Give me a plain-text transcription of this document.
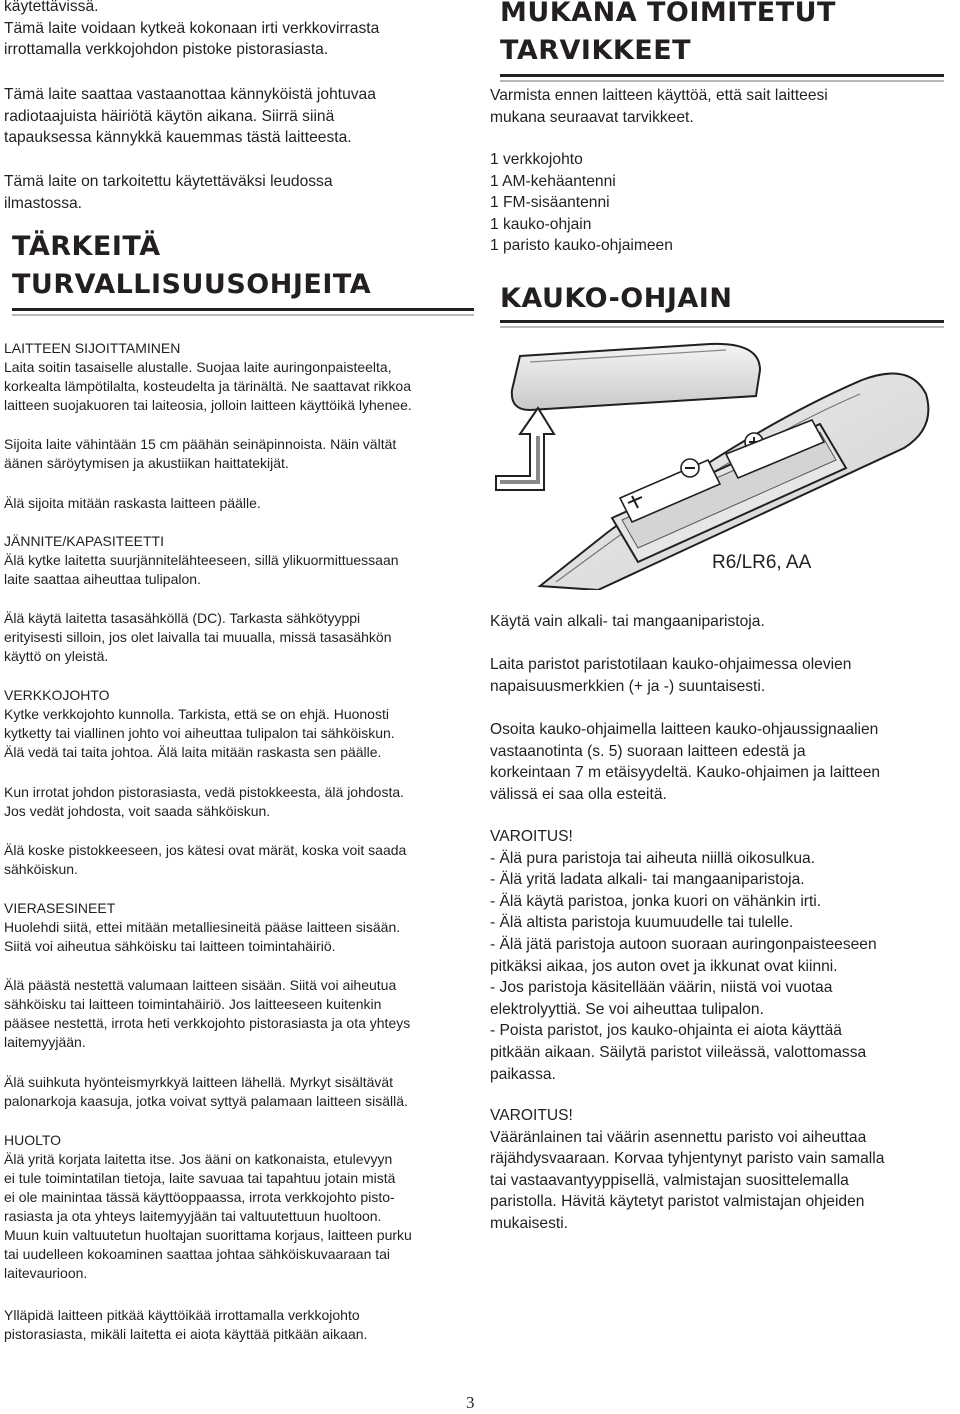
käytettävissä.
Tämä laite voidaan kytkeä kokonaan irti verkkovirrasta
irrottamalla verkkojohdon pistoke pistorasiasta.

Tämä laite saattaa vastaanottaa kännyköistä johtuvaa
radiotaajuista häiriötä käytön aikana. Siirrä siinä
tapauksessa kännykkä kauemmas tästä laitteesta.

Tämä laite on tarkoitettu käytettäväksi leudossa
ilmastossa.

TÄRKEITÄ
TURVALLISUUSOHJEITA

LAITTEEN SIJOITTAMINEN
Laita soitin tasaiselle alustalle. Suojaa laite auringonpaisteelta,
korkealta lämpötilalta, kosteudelta ja tärinältä. Ne saattavat rikkoa
laitteen suojakuoren tai laiteosia, jolloin laitteen käyttöikä lyhenee.

Sijoita laite vähintään 15 cm päähän seinäpinnoista. Näin vältät
äänen säröytymisen ja akustiikan haittatekijät.

Älä sijoita mitään raskasta laitteen päälle.

JÄNNITE/KAPASITEETTI
Älä kytke laitetta suurjännitelähteeseen, sillä ylikuormittuessaan
laite saattaa aiheuttaa tulipalon.

Älä käytä laitetta tasasähköllä (DC). Tarkasta sähkötyyppi
erityisesti silloin, jos olet laivalla tai muualla, missä tasasähkön
käyttö on yleistä.

VERKKOJOHTO
Kytke verkkojohto kunnolla. Tarkista, että se on ehjä. Huonosti
kytketty tai viallinen johto voi aiheuttaa tulipalon tai sähköiskun.
Älä vedä tai taita johtoa. Älä laita mitään raskasta sen päälle.

Kun irrotat johdon pistorasiasta, vedä pistokkeesta, älä johdosta.
Jos vedät johdosta, voit saada sähköiskun.

Älä koske pistokkeeseen, jos kätesi ovat märät, koska voit saada
sähköiskun.

VIERASESINEET
Huolehdi siitä, ettei mitään metalliesineitä pääse laitteen sisään.
Siitä voi aiheutua sähköisku tai laitteen toimintahäiriö.

Älä päästä nestettä valumaan laitteen sisään. Siitä voi aiheutua
sähköisku tai laitteen toimintahäiriö. Jos laitteeseen kuitenkin
pääsee nestettä, irrota heti verkkojohto pistorasiasta ja ota yhteys
laitemyyjään.

Älä suihkuta hyönteismyrkkyä laitteen lähellä. Myrkyt sisältävät
palonarkoja kaasuja, jotka voivat syttyä palamaan laitteen sisällä.

HUOLTO
Älä yritä korjata laitetta itse. Jos ääni on katkonaista, etulevyyn
ei tule toimintatilan tietoja, laite savuaa tai tapahtuu jotain mistä
ei ole mainintaa tässä käyttöoppaassa, irrota verkkojohto pisto-
rasiasta ja ota yhteys laitemyyjään tai valtuutettuun huoltoon.
Muun kuin valtuutetun huoltajan suorittama korjaus, laitteen purku
tai uudelleen kokoaminen saattaa johtaa sähköiskuvaaraan tai
laitevaurioon.

Ylläpidä laitteen pitkää käyttöikää irrottamalla verkkojohto
pistorasiasta, mikäli laitetta ei aiota käyttää pitkään aikaan.

MUKANA TOIMITETUT
TARVIKKEET

Varmista ennen laitteen käyttöä, että sait laitteesi
mukana seuraavat tarvikkeet.

1 verkkojohto
1 AM-kehäantenni
1 FM-sisäantenni
1 kauko-ohjain
1 paristo kauko-ohjaimeen
KAUKO-OHJAIN
R6/LR6, AA

Käytä vain alkali- tai mangaaniparistoja.

Laita paristot paristotilaan kauko-ohjaimessa olevien
napaisuusmerkkien (+ ja -) suuntaisesti.

Osoita kauko-ohjaimella laitteen kauko-ohjaussignaalien
vastaanotinta (s. 5) suoraan laitteen edestä ja
korkeintaan 7 m etäisyydeltä. Kauko-ohjaimen ja laitteen
välissä ei saa olla esteitä.

VAROITUS!
- Älä pura paristoja tai aiheuta niillä oikosulkua.
- Älä yritä ladata alkali- tai mangaaniparistoja.
- Älä käytä paristoa, jonka kuori on vähänkin irti.
- Älä altista paristoja kuumuudelle tai tulelle.
- Älä jätä paristoja autoon suoraan auringonpaisteeseen
pitkäksi aikaa, jos auton ovet ja ikkunat ovat kiinni.
- Jos paristoja käsitellään väärin, niistä voi vuotaa
elektrolyyttiä. Se voi aiheuttaa tulipalon.
- Poista paristot, jos kauko-ohjainta ei aiota käyttää
pitkään aikaan. Säilytä paristot viileässä, valottomassa
paikassa.

VAROITUS!
Vääränlainen tai väärin asennettu paristo voi aiheuttaa
räjähdysvaaraan. Korvaa tyhjentynyt paristo vain samalla
tai vastaavantyyppisellä, valmistajan suosittelemalla
paristolla. Hävitä käytetyt paristot valmistajan ohjeiden
mukaisesti.

3
